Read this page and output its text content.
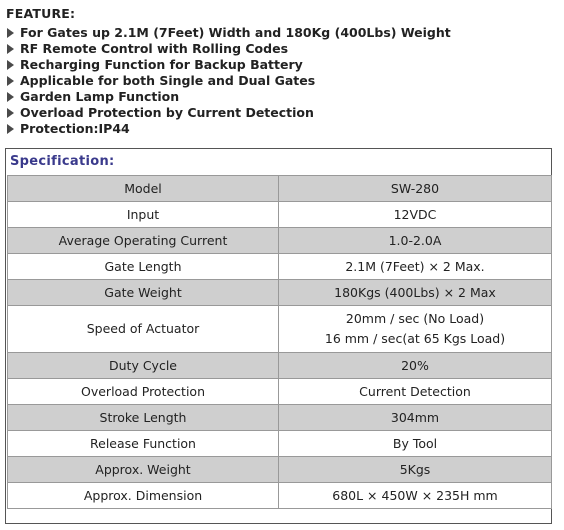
FEATURE:
For Gates up 2.1M (7Feet) Width and 180Kg (400Lbs) Weight
RF Remote Control with Rolling Codes
Recharging Function for Backup Battery
Applicable for both Single and Dual Gates
Garden Lamp Function
Overload Protection by Current Detection
Protection:IP44
Specification:
Model	SW-280
Input	12VDC
Average Operating Current	1.0-2.0A
Gate Length	2.1M (7Feet) × 2 Max.
Gate Weight	180Kgs (400Lbs) × 2 Max
Speed of Actuator	20mm / sec (No Load)
16 mm / sec(at 65 Kgs Load)

Duty Cycle	20%
Overload Protection	Current Detection
Stroke Length	304mm
Release Function	By Tool
Approx. Weight	5Kgs
Approx. Dimension	680L × 450W × 235H mm
